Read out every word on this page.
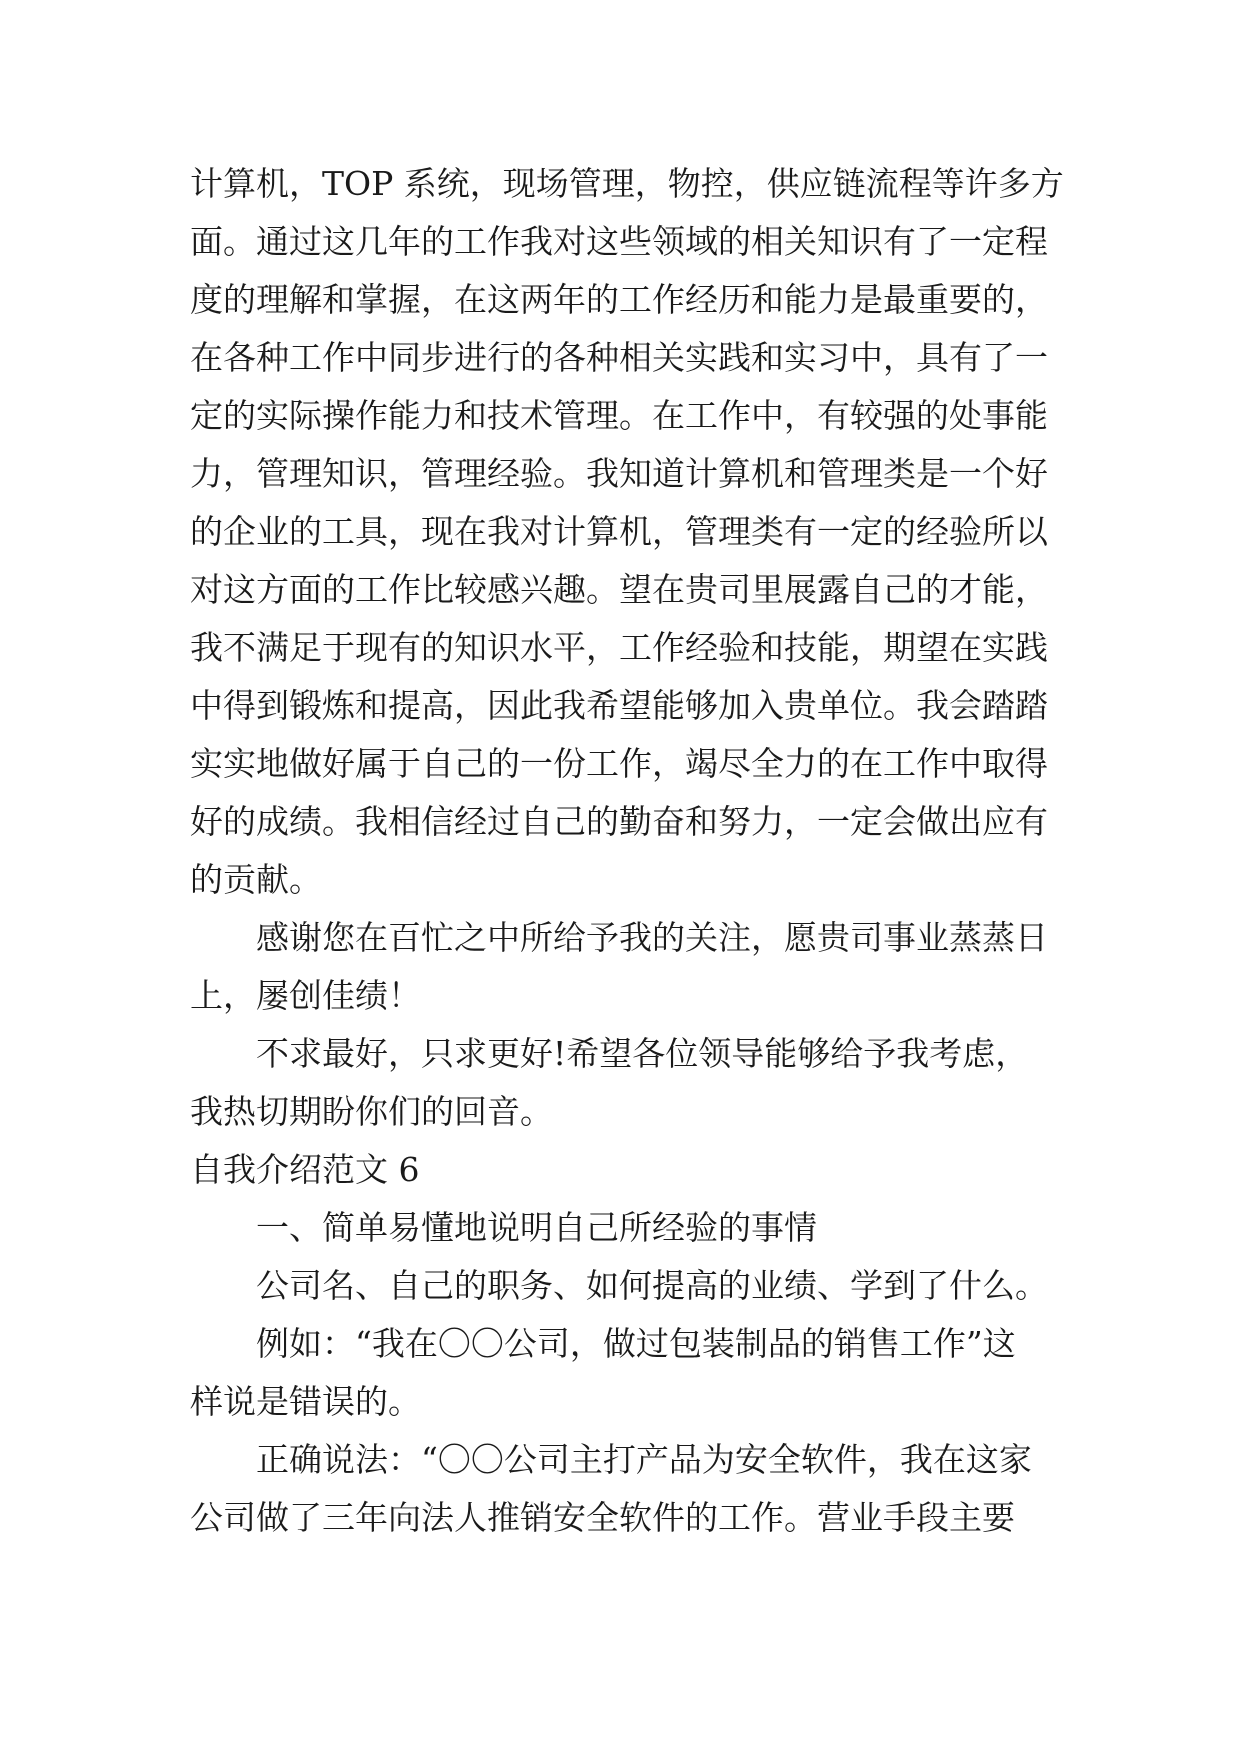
计算机，TOP 系统，现场管理，物控，供应链流程等许多方
面。通过这几年的工作我对这些领域的相关知识有了一定程
度的理解和掌握，在这两年的工作经历和能力是最重要的，
在各种工作中同步进行的各种相关实践和实习中，具有了一
定的实际操作能力和技术管理。在工作中，有较强的处事能
力，管理知识，管理经验。我知道计算机和管理类是一个好
的企业的工具，现在我对计算机，管理类有一定的经验所以
对这方面的工作比较感兴趣。望在贵司里展露自己的才能，
我不满足于现有的知识水平，工作经验和技能，期望在实践
中得到锻炼和提高，因此我希望能够加入贵单位。我会踏踏
实实地做好属于自己的一份工作，竭尽全力的在工作中取得
好的成绩。我相信经过自己的勤奋和努力，一定会做出应有
的贡献。
感谢您在百忙之中所给予我的关注，愿贵司事业蒸蒸日
上，屡创佳绩！
不求最好，只求更好!希望各位领导能够给予我考虑，
我热切期盼你们的回音。
自我介绍范文 6
一、简单易懂地说明自己所经验的事情
公司名、自己的职务、如何提高的业绩、学到了什么。
例如：“我在〇〇公司，做过包装制品的销售工作”这
样说是错误的。
正确说法：“〇〇公司主打产品为安全软件，我在这家
公司做了三年向法人推销安全软件的工作。营业手段主要
